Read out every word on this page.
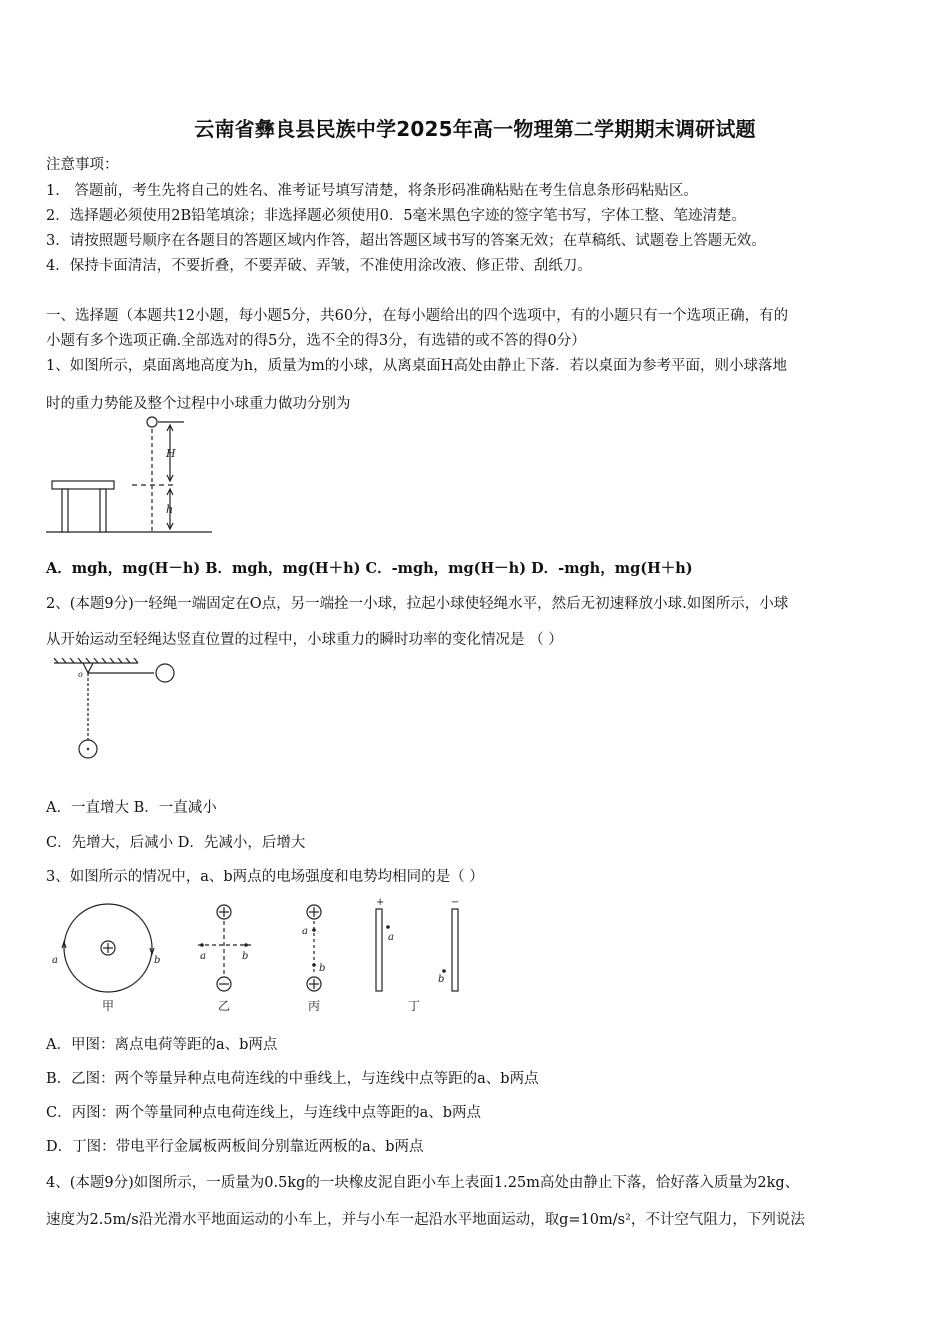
云南省彝良县民族中学2025年高一物理第二学期期末调研试题
注意事项：
1． 答题前，考生先将自己的姓名、准考证号填写清楚，将条形码准确粘贴在考生信息条形码粘贴区。
2．选择题必须使用2B铅笔填涂；非选择题必须使用0．5毫米黑色字迹的签字笔书写，字体工整、笔迹清楚。
3．请按照题号顺序在各题目的答题区域内作答，超出答题区域书写的答案无效；在草稿纸、试题卷上答题无效。
4．保持卡面清洁，不要折叠，不要弄破、弄皱，不准使用涂改液、修正带、刮纸刀。
一、选择题（本题共12小题，每小题5分，共60分，在每小题给出的四个选项中，有的小题只有一个选项正确，有的
小题有多个选项正确.全部选对的得5分，选不全的得3分，有选错的或不答的得0分）
1、如图所示，桌面离地高度为h，质量为m的小球，从离桌面H高处由静止下落．若以桌面为参考平面，则小球落地
时的重力势能及整个过程中小球重力做功分别为
H
h
A．mgh，mg(H－h) B．mgh，mg(H＋h) C．-mgh，mg(H－h) D．-mgh，mg(H＋h)
2、(本题9分)一轻绳一端固定在O点，另一端拴一小球，拉起小球使轻绳水平，然后无初速释放小球.如图所示，小球
从开始运动至轻绳达竖直位置的过程中，小球重力的瞬时功率的变化情况是 （ ）
o
A．一直增大 B．一直减小
C．先增大，后减小 D．先减小，后增大
3、如图所示的情况中，a、b两点的电场强度和电势均相同的是（ ）
a	b	a	b
a
b
a
b
+	−
甲	乙	丙	丁
A．甲图：离点电荷等距的a、b两点
B．乙图：两个等量异种点电荷连线的中垂线上，与连线中点等距的a、b两点
C．丙图：两个等量同种点电荷连线上，与连线中点等距的a、b两点
D．丁图：带电平行金属板两板间分别靠近两板的a、b两点
4、(本题9分)如图所示，一质量为0.5kg的一块橡皮泥自距小车上表面1.25m高处由静止下落，恰好落入质量为2kg、
速度为2.5m/s沿光滑水平地面运动的小车上，并与小车一起沿水平地面运动，取g=10m/s²，不计空气阻力，下列说法
